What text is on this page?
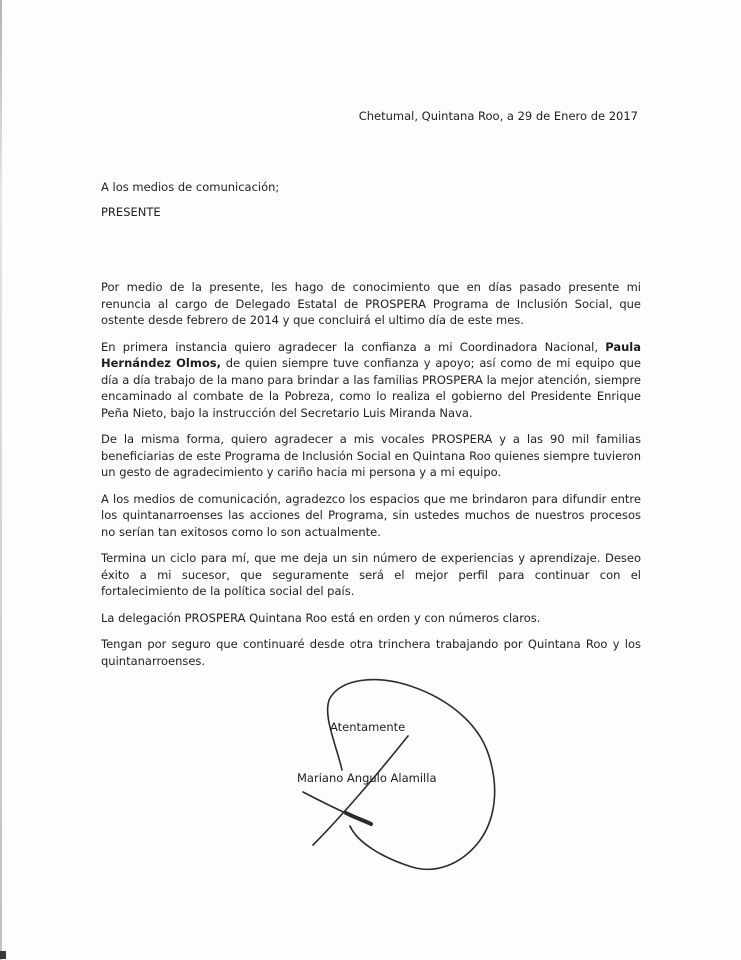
Chetumal, Quintana Roo, a 29 de Enero de 2017
A los medios de comunicación;
PRESENTE

Por medio de la presente, les hago de conocimiento que en días pasado presente mi renuncia al cargo de Delegado Estatal de PROSPERA Programa de Inclusión Social, que ostente desde febrero de 2014 y que concluirá el ultimo día de este mes.

En primera instancia quiero agradecer la confianza a mi Coordinadora Nacional, Paula Hernández Olmos, de quien siempre tuve confianza y apoyo; así como de mi equipo que día a día trabajo de la mano para brindar a las familias PROSPERA la mejor atención, siempre encaminado al combate de la Pobreza, como lo realiza el gobierno del Presidente Enrique Peña Nieto, bajo la instrucción del Secretario Luis Miranda Nava.

De la misma forma, quiero agradecer a mis vocales PROSPERA y a las 90 mil familias beneficiarias de este Programa de Inclusión Social en Quintana Roo quienes siempre tuvieron un gesto de agradecimiento y cariño hacia mi persona y a mi equipo.

A los medios de comunicación, agradezco los espacios que me brindaron para difundir entre los quintanarroenses las acciones del Programa, sin ustedes muchos de nuestros procesos no serían tan exitosos como lo son actualmente.

Termina un ciclo para mí, que me deja un sin número de experiencias y aprendizaje. Deseo éxito a mi sucesor, que seguramente será el mejor perfil para continuar con el fortalecimiento de la política social del país.

La delegación PROSPERA Quintana Roo está en orden y con números claros.

Tengan por seguro que continuaré desde otra trinchera trabajando por Quintana Roo y los quintanarroenses.

Atentamente
Mariano Angulo Alamilla
